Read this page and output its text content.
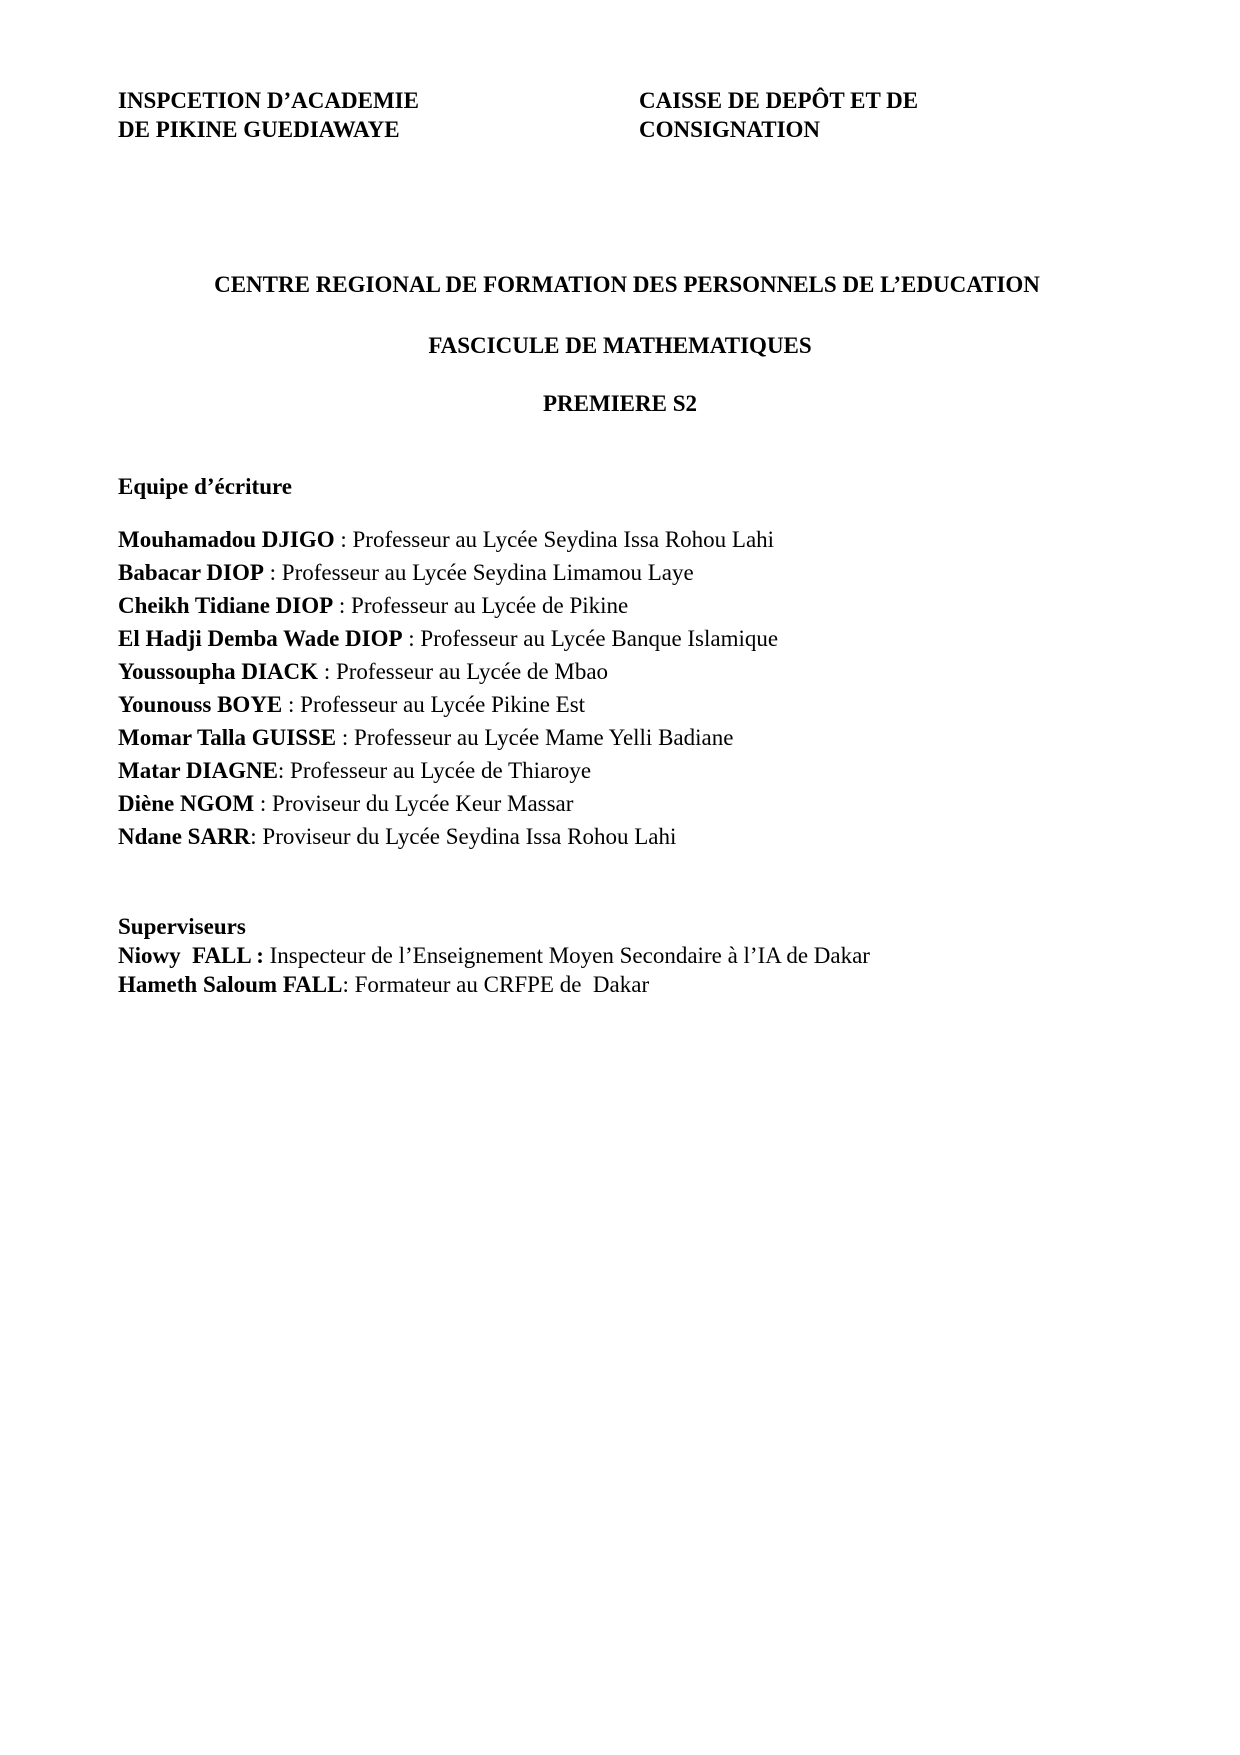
INSPCETION D’ACADEMIE
DE PIKINE GUEDIAWAYE
CAISSE DE DEPÔT ET DE
CONSIGNATION
CENTRE REGIONAL DE FORMATION DES PERSONNELS DE L’EDUCATION
FASCICULE DE MATHEMATIQUES
PREMIERE S2
Equipe d’écriture
Mouhamadou DJIGO : Professeur au Lycée Seydina Issa Rohou Lahi
Babacar DIOP : Professeur au Lycée Seydina Limamou Laye
Cheikh Tidiane DIOP : Professeur au Lycée de Pikine
El Hadji Demba Wade DIOP : Professeur au Lycée Banque Islamique
Youssoupha DIACK : Professeur au Lycée de Mbao
Younouss BOYE : Professeur au Lycée Pikine Est
Momar Talla GUISSE : Professeur au Lycée Mame Yelli Badiane
Matar DIAGNE: Professeur au Lycée de Thiaroye
Diène NGOM : Proviseur du Lycée Keur Massar
Ndane SARR: Proviseur du Lycée Seydina Issa Rohou Lahi
Superviseurs
Niowy  FALL : Inspecteur de l’Enseignement Moyen Secondaire à l’IA de Dakar
Hameth Saloum FALL: Formateur au CRFPE de  Dakar
